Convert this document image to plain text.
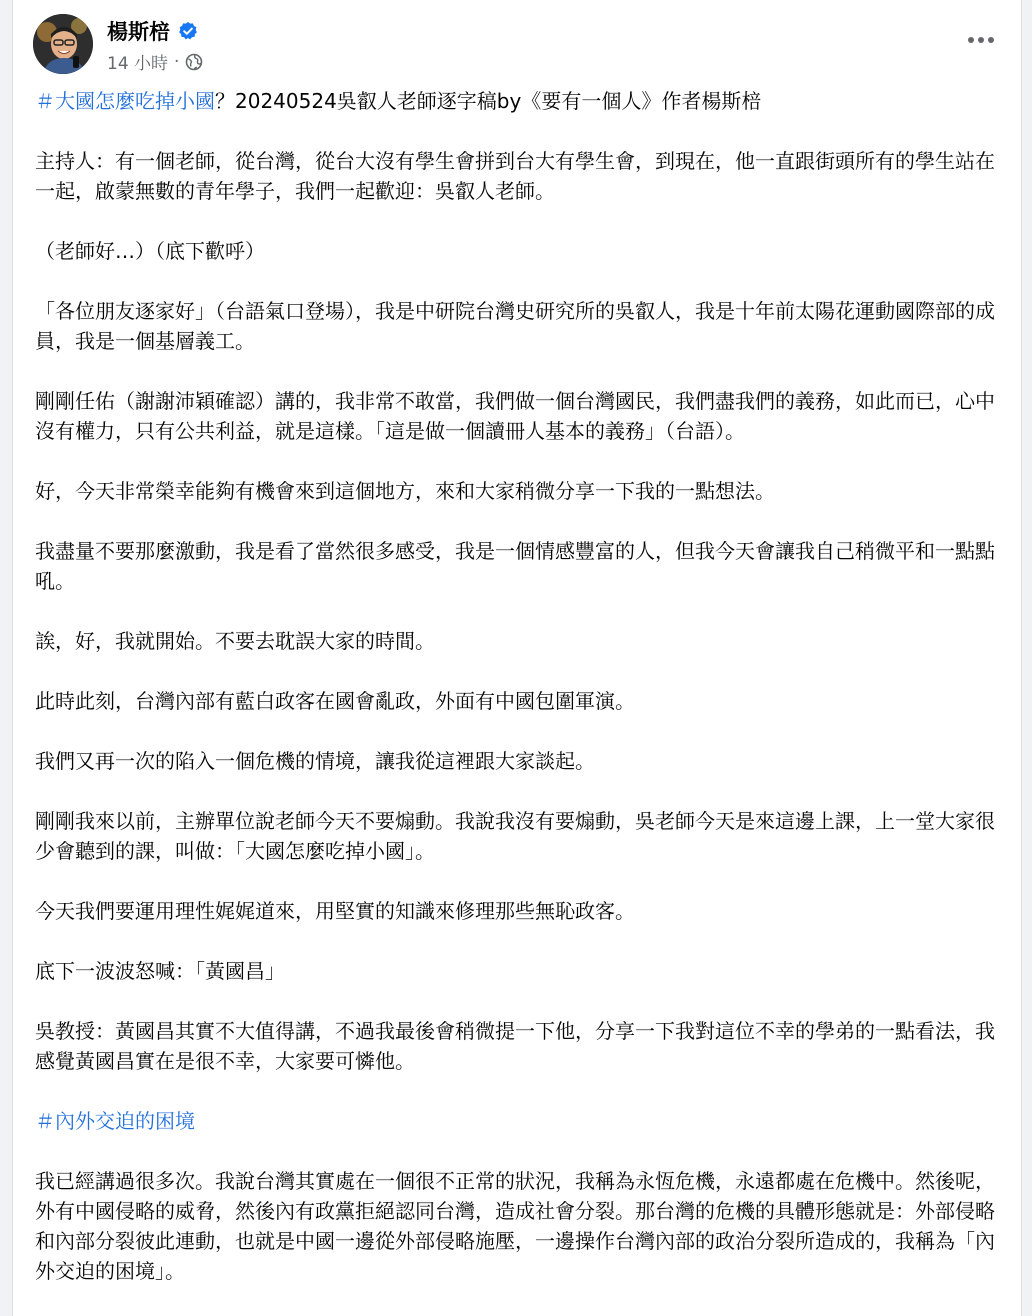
楊斯棓
14 小時 ·

＃大國怎麼吃掉小國？20240524吳叡人老師逐字稿by《要有一個人》作者楊斯棓

主持人：有一個老師，從台灣，從台大沒有學生會拼到台大有學生會，到現在，他一直跟街頭所有的學生站在一起，啟蒙無數的青年學子，我們一起歡迎：吳叡人老師。

（老師好…）（底下歡呼）

「各位朋友逐家好」（台語氣口登場），我是中研院台灣史研究所的吳叡人，我是十年前太陽花運動國際部的成員，我是一個基層義工。

剛剛任佑（謝謝沛穎確認）講的，我非常不敢當，我們做一個台灣國民，我們盡我們的義務，如此而已，心中沒有權力，只有公共利益，就是這樣。「這是做一個讀冊人基本的義務」（台語）。

好，今天非常榮幸能夠有機會來到這個地方，來和大家稍微分享一下我的一點想法。

我盡量不要那麼激動，我是看了當然很多感受，我是一個情感豐富的人，但我今天會讓我自己稍微平和一點點吼。

誒，好，我就開始。不要去耽誤大家的時間。

此時此刻，台灣內部有藍白政客在國會亂政，外面有中國包圍軍演。

我們又再一次的陷入一個危機的情境，讓我從這裡跟大家談起。

剛剛我來以前，主辦單位說老師今天不要煽動。我說我沒有要煽動，吳老師今天是來這邊上課，上一堂大家很少會聽到的課，叫做：「大國怎麼吃掉小國」。

今天我們要運用理性娓娓道來，用堅實的知識來修理那些無恥政客。

底下一波波怒喊：「黃國昌」

吳教授：黃國昌其實不大值得講，不過我最後會稍微提一下他，分享一下我對這位不幸的學弟的一點看法，我感覺黃國昌實在是很不幸，大家要可憐他。

＃內外交迫的困境

我已經講過很多次。我說台灣其實處在一個很不正常的狀況，我稱為永恆危機，永遠都處在危機中。然後呢，外有中國侵略的威脅，然後內有政黨拒絕認同台灣，造成社會分裂。那台灣的危機的具體形態就是：外部侵略和內部分裂彼此連動，也就是中國一邊從外部侵略施壓，一邊操作台灣內部的政治分裂所造成的，我稱為「內外交迫的困境」。
